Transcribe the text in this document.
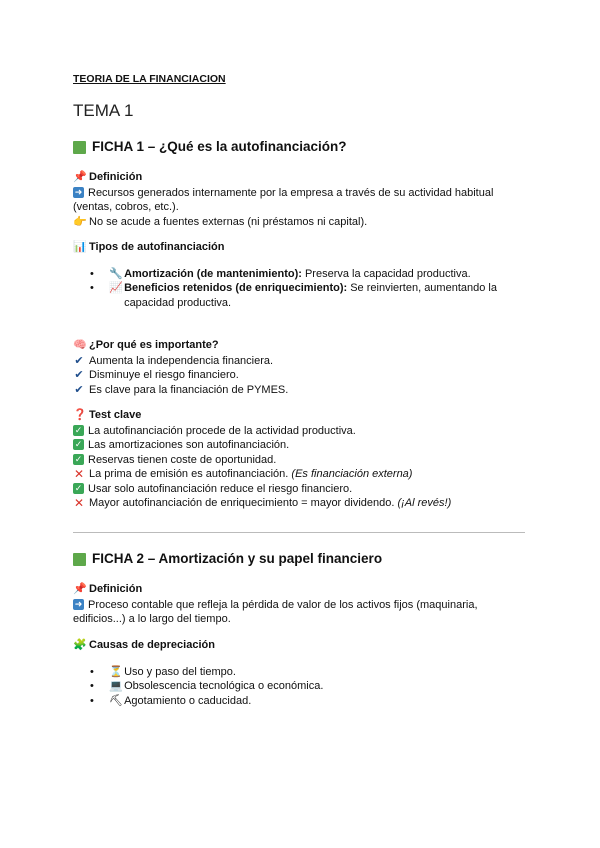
TEORIA DE LA FINANCIACION
TEMA 1
FICHA 1 – ¿Qué es la autofinanciación?
📌 Definición
➜ Recursos generados internamente por la empresa a través de su actividad habitual
(ventas, cobros, etc.).
👉 No se acude a fuentes externas (ni préstamos ni capital).
📊 Tipos de autofinanciación
• 🔧
Amortización (de mantenimiento): Preserva la capacidad productiva.
• 📈
Beneficios retenidos (de enriquecimiento): Se reinvierten, aumentando la capacidad productiva.
🧠 ¿Por qué es importante?
✔ Aumenta la independencia financiera.
✔ Disminuye el riesgo financiero.
✔ Es clave para la financiación de PYMES.
❓ Test clave
✓ La autofinanciación procede de la actividad productiva.
✓ Las amortizaciones son autofinanciación.
✓ Reservas tienen coste de oportunidad.
✕ La prima de emisión es autofinanciación. (Es financiación externa)
✓ Usar solo autofinanciación reduce el riesgo financiero.
✕ Mayor autofinanciación de enriquecimiento = mayor dividendo. (¡Al revés!)
FICHA 2 – Amortización y su papel financiero
📌 Definición
➜ Proceso contable que refleja la pérdida de valor de los activos fijos (maquinaria,
edificios...) a lo largo del tiempo.
🧩 Causas de depreciación
• ⏳
Uso y paso del tiempo.
• 💻
Obsolescencia tecnológica o económica.
• ⛏
Agotamiento o caducidad.
